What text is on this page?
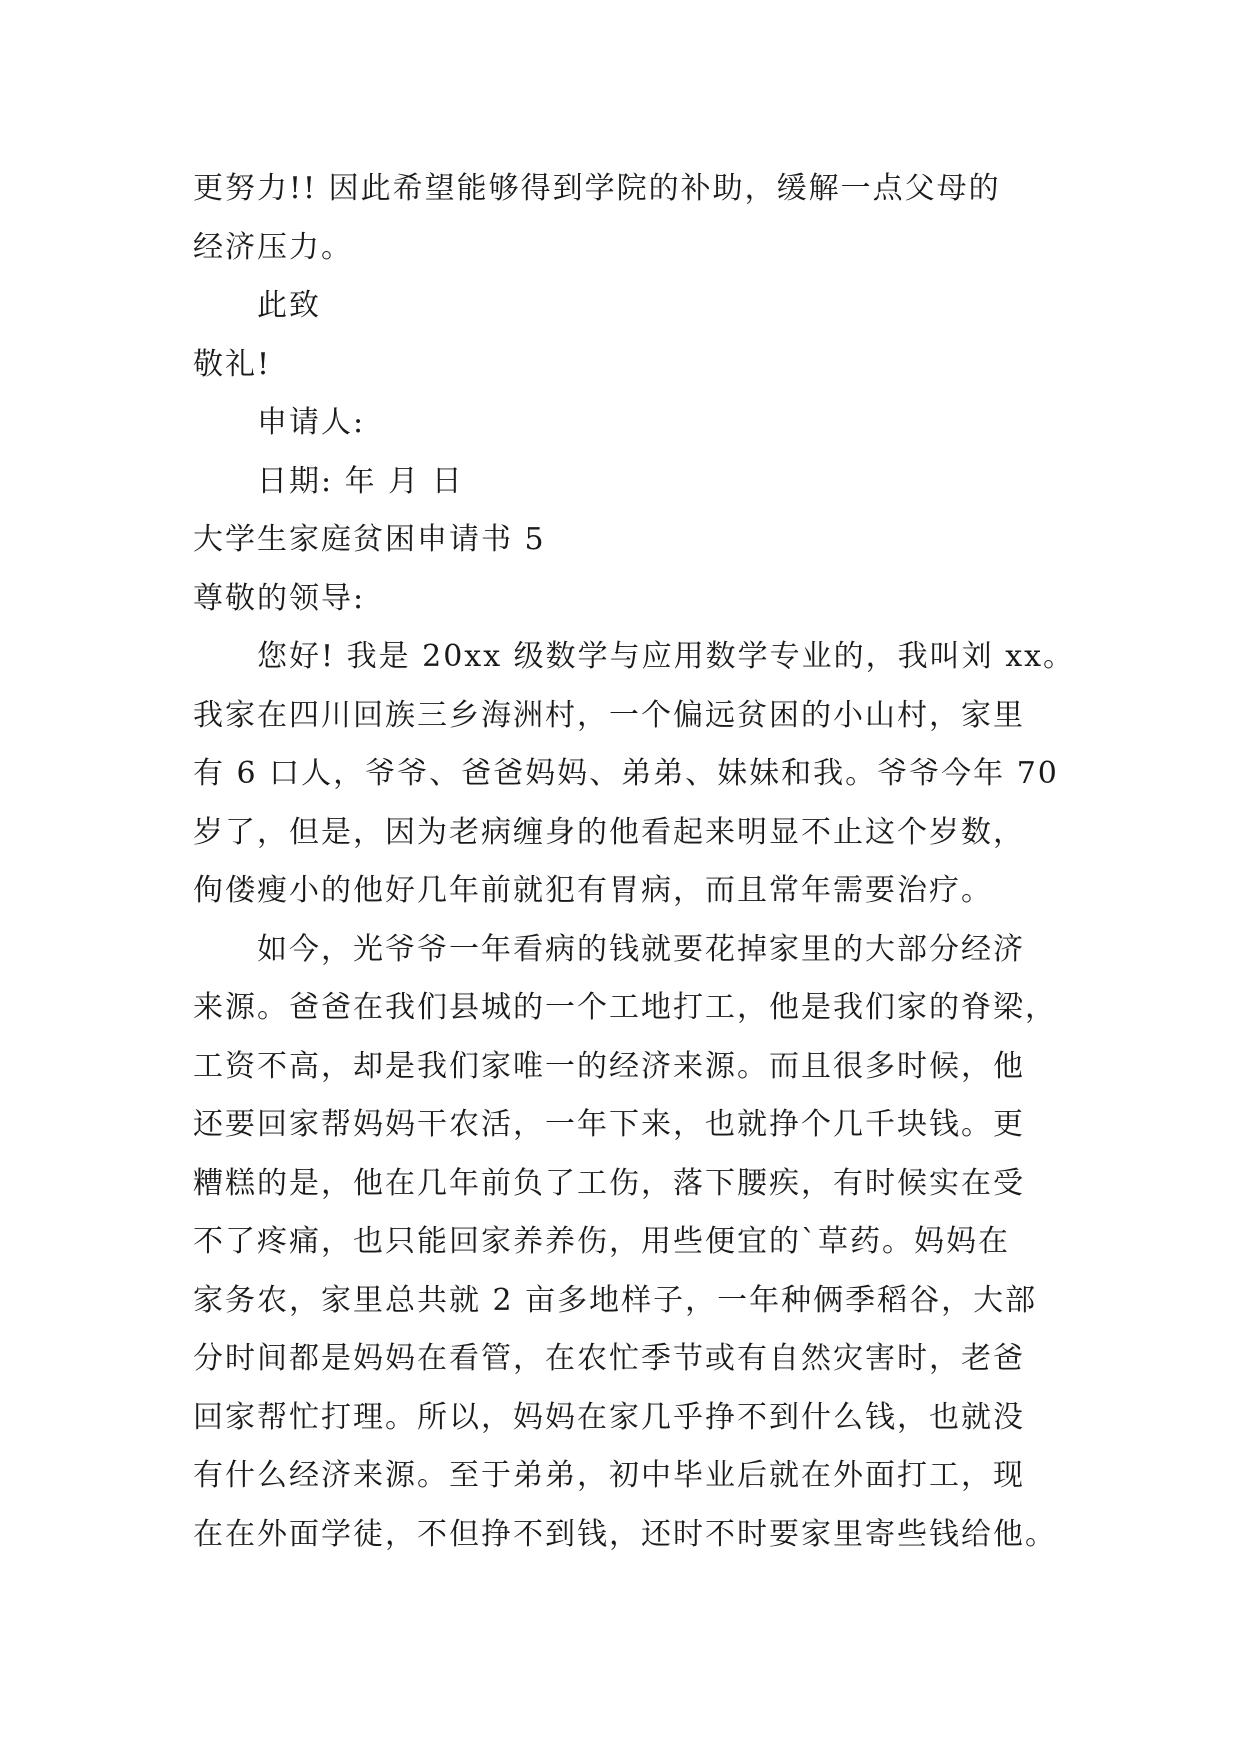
更努力!! 因此希望能够得到学院的补助，缓解一点父母的
经济压力。
此致
敬礼!
申请人:
日期: 年 月 日
大学生家庭贫困申请书 5
尊敬的领导:
您好! 我是 20xx 级数学与应用数学专业的，我叫刘 xx。
我家在四川回族三乡海洲村，一个偏远贫困的小山村，家里
有 6 口人，爷爷、爸爸妈妈、弟弟、妹妹和我。爷爷今年 70
岁了，但是，因为老病缠身的他看起来明显不止这个岁数，
佝偻瘦小的他好几年前就犯有胃病，而且常年需要治疗。
如今，光爷爷一年看病的钱就要花掉家里的大部分经济
来源。爸爸在我们县城的一个工地打工，他是我们家的脊梁，
工资不高，却是我们家唯一的经济来源。而且很多时候，他
还要回家帮妈妈干农活，一年下来，也就挣个几千块钱。更
糟糕的是，他在几年前负了工伤，落下腰疾，有时候实在受
不了疼痛，也只能回家养养伤，用些便宜的`草药。妈妈在
家务农，家里总共就 2 亩多地样子，一年种俩季稻谷，大部
分时间都是妈妈在看管，在农忙季节或有自然灾害时，老爸
回家帮忙打理。所以，妈妈在家几乎挣不到什么钱，也就没
有什么经济来源。至于弟弟，初中毕业后就在外面打工，现
在在外面学徒，不但挣不到钱，还时不时要家里寄些钱给他。
